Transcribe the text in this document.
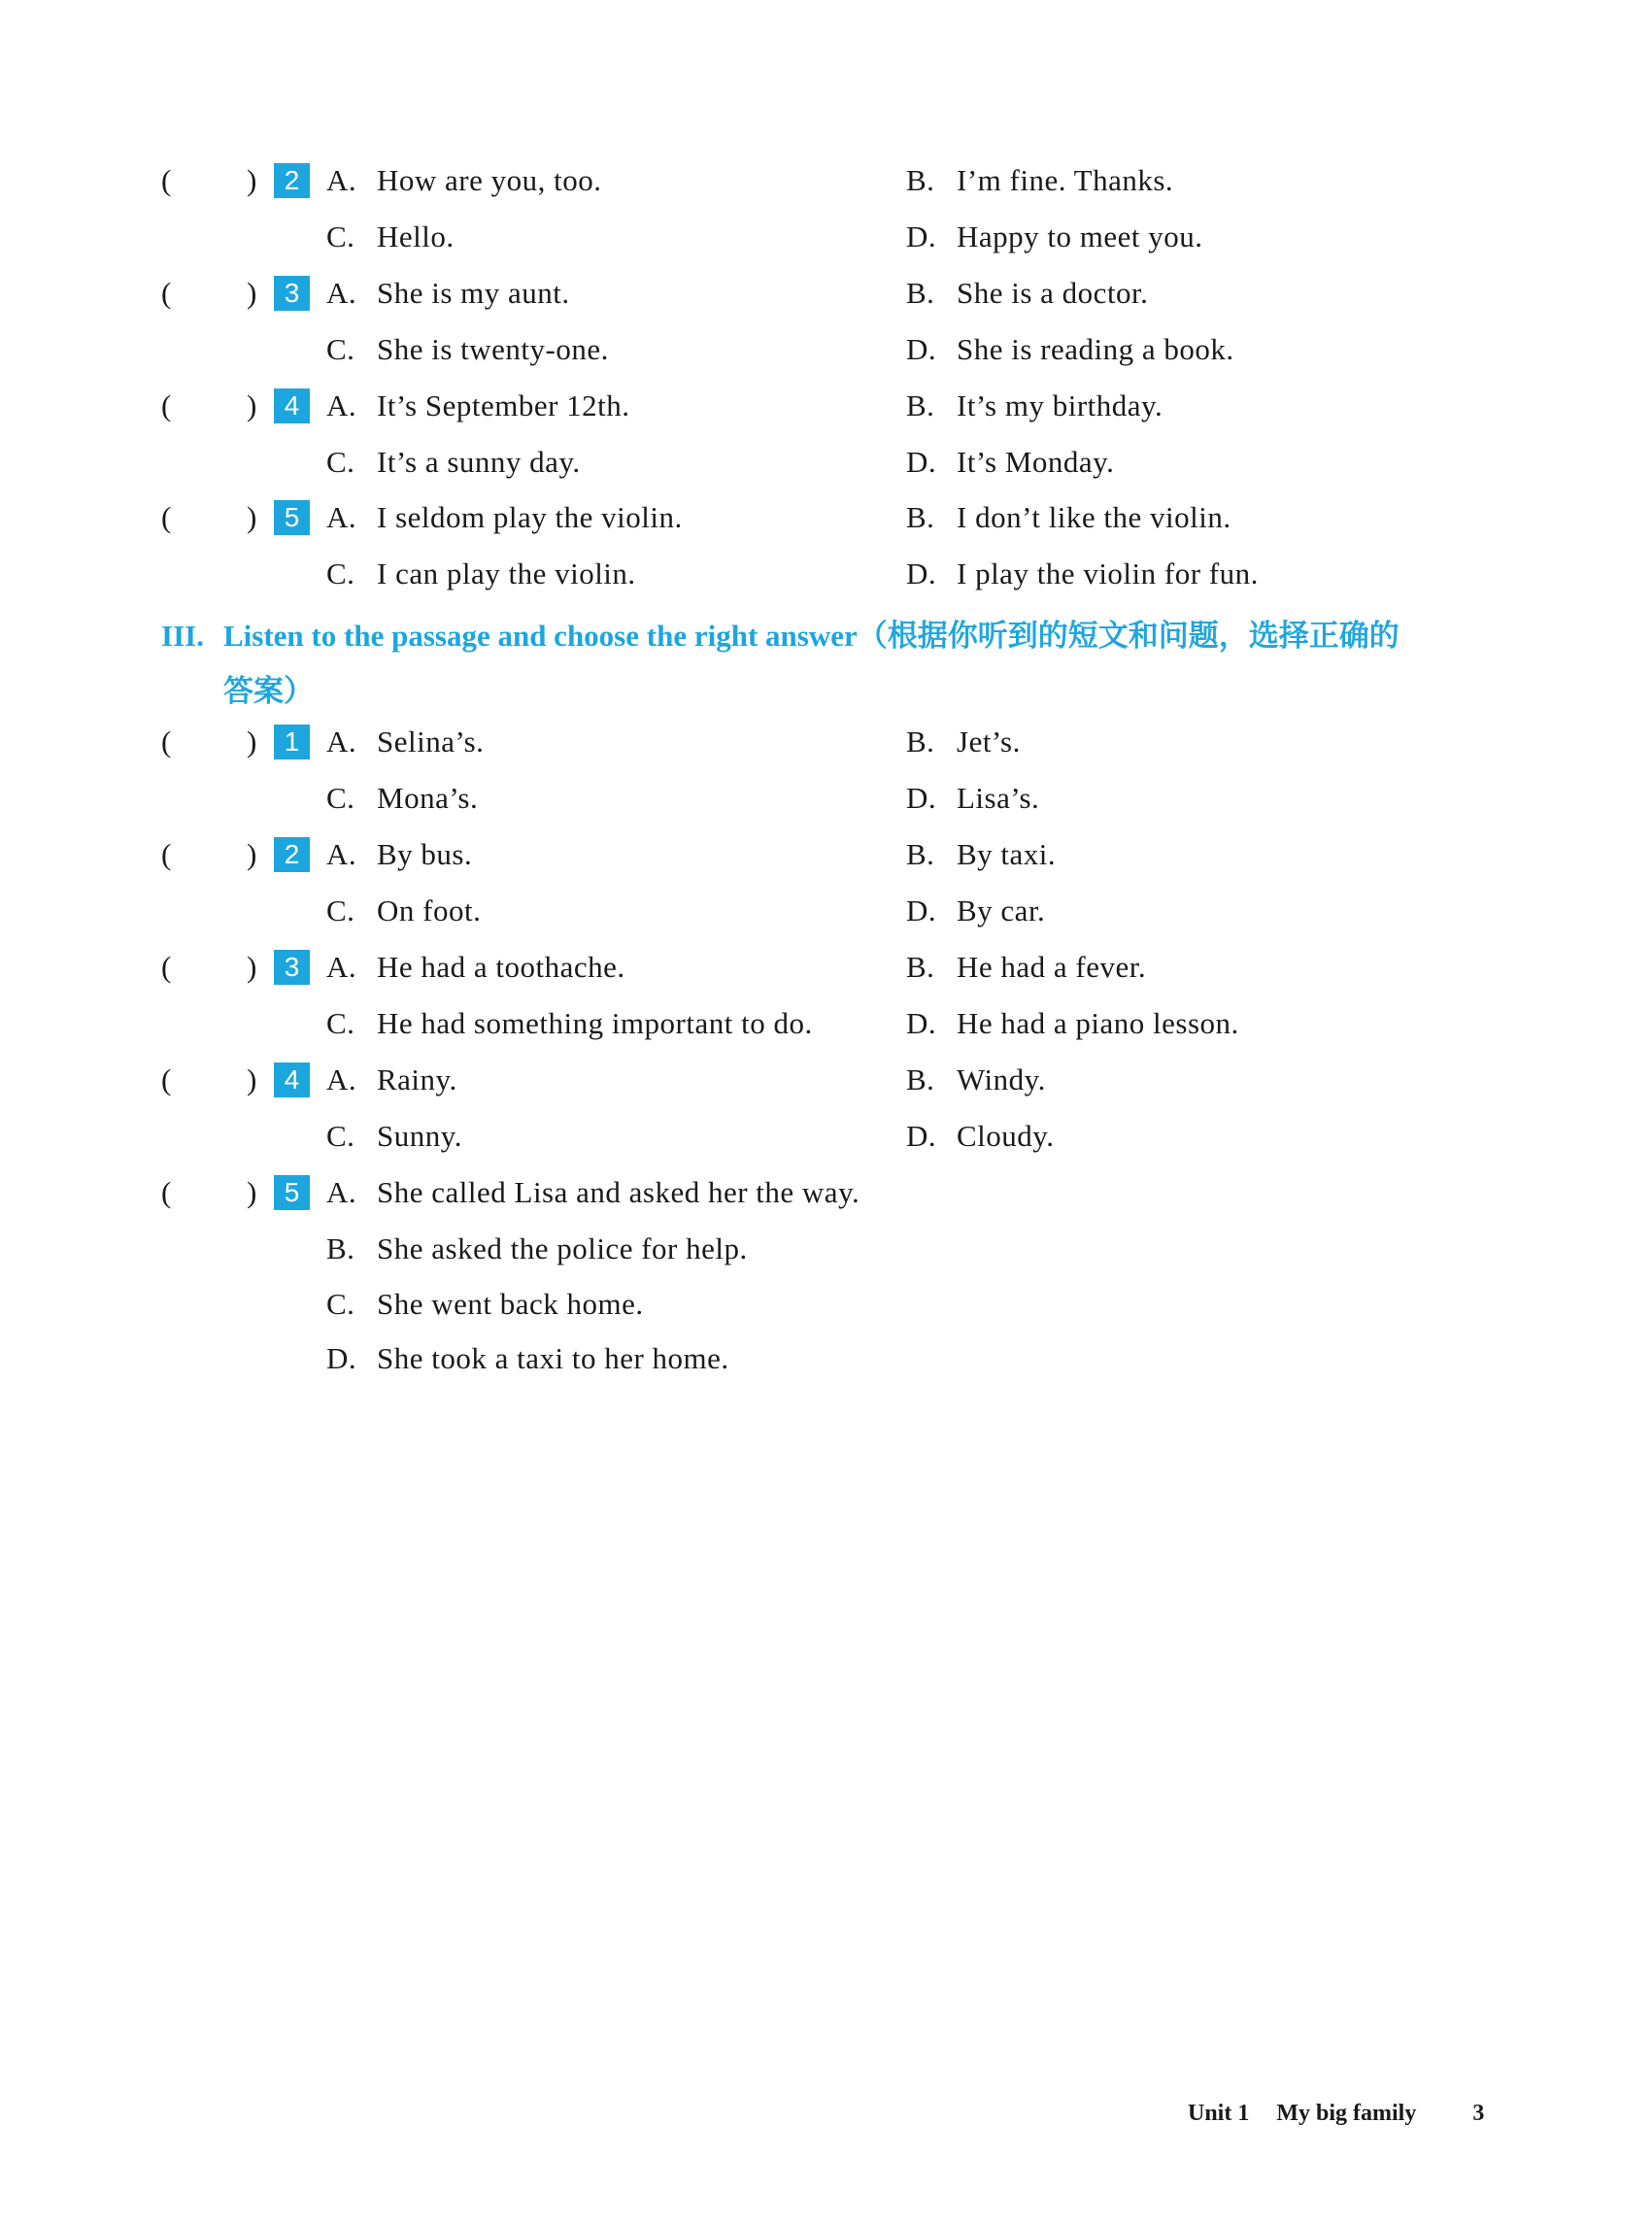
(	)	2 A. How are you, too.	B. I’m fine. Thanks.
C. Hello.	D. Happy to meet you.
(	)	3 A. She is my aunt.	B. She is a doctor.
C. She is twenty-one.	D. She is reading a book.
(	)	4 A. It’s September 12th.	B. It’s my birthday.
C. It’s a sunny day.	D. It’s Monday.
(	)	5 A. I seldom play the violin.	B. I don’t like the violin.
C. I can play the violin.	D. I play the violin for fun.
III. Listen to the passage and choose the right answer（根据你听到的短文和问题，选择正确的
答案）
(	)	1 A. Selina’s.	B. Jet’s.
C. Mona’s.	D. Lisa’s.
(	)	2 A. By bus.	B. By taxi.
C. On foot.	D. By car.
(	)	3 A. He had a toothache.	B. He had a fever.
C. He had something important to do.	D. He had a piano lesson.
(	)	4 A. Rainy.	B. Windy.
C. Sunny.	D. Cloudy.
(	)	5 A. She called Lisa and asked her the way.
B. She asked the police for help.
C. She went back home.
D. She took a taxi to her home.
Unit 1 My big family 3
